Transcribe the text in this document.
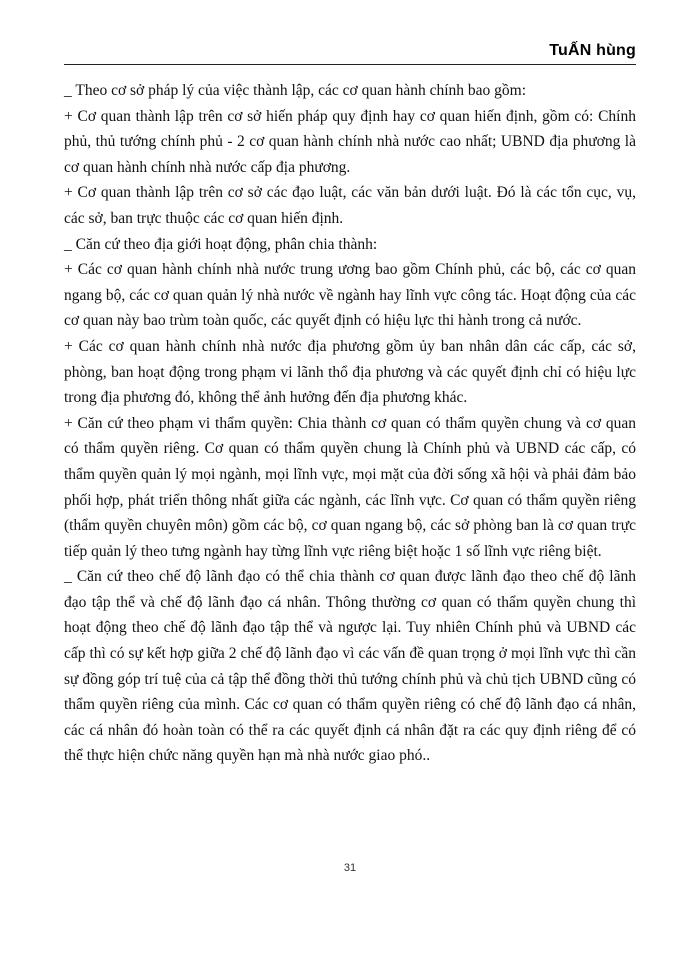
TuẤN hùng

_ Theo cơ sở pháp lý của việc thành lập, các cơ quan hành chính bao gồm:

+ Cơ quan thành lập trên cơ sở hiến pháp quy định hay cơ quan hiến định, gồm có: Chính phủ, thủ tướng chính phủ - 2 cơ quan hành chính nhà nước cao nhất; UBND địa phương là cơ quan hành chính nhà nước cấp địa phương.

+ Cơ quan thành lập trên cơ sở các đạo luật, các văn bản dưới luật. Đó là các tổn cục, vụ, các sở, ban trực thuộc các cơ quan hiến định.

_ Căn cứ theo địa giới hoạt động, phân chia thành:

+ Các cơ quan hành chính nhà nước trung ương bao gồm Chính phủ, các bộ, các cơ quan ngang bộ, các cơ quan quản lý nhà nước về ngành hay lĩnh vực công tác. Hoạt động của các cơ quan này bao trùm toàn quốc, các quyết định có hiệu lực thi hành trong cả nước.

+ Các cơ quan hành chính nhà nước địa phương gồm ủy ban nhân dân các cấp, các sở, phòng, ban hoạt động trong phạm vi lãnh thổ địa phương và các quyết định chỉ có hiệu lực trong địa phương đó, không thể ảnh hưởng đến địa phương khác.

+ Căn cứ theo phạm vi thẩm quyền: Chia thành cơ quan có thẩm quyền chung và cơ quan có thẩm quyền riêng. Cơ quan có thẩm quyền chung là Chính phủ và UBND các cấp, có thẩm quyền quản lý mọi ngành, mọi lĩnh vực, mọi mặt của đời sống xã hội và phải đảm bảo phối hợp, phát triển thông nhất giữa các ngành, các lĩnh vực. Cơ quan có thẩm quyền riêng (thẩm quyền chuyên môn) gồm các bộ, cơ quan ngang bộ, các sở phòng ban là cơ quan trực tiếp quản lý theo tưng ngành hay từng lĩnh vực riêng biệt hoặc 1 số lĩnh vực riêng biệt.

_ Căn cứ theo chế độ lãnh đạo có thể chia thành cơ quan được lãnh đạo theo chế độ lãnh đạo tập thể và chế độ lãnh đạo cá nhân. Thông thường cơ quan có thẩm quyền chung thì hoạt động theo chế độ lãnh đạo tập thể và ngược lại. Tuy nhiên Chính phủ và UBND các cấp thì có sự kết hợp giữa 2 chế độ lãnh đạo vì các vấn đề quan trọng ở mọi lĩnh vực thì cần sự đồng góp trí tuệ của cả tập thể đồng thời thủ tướng chính phủ và chủ tịch UBND cũng có thẩm quyền riêng của mình. Các cơ quan có thẩm quyền riêng có chế độ lãnh đạo cá nhân, các cá nhân đó hoàn toàn có thể ra các quyết định cá nhân đặt ra các quy định riêng để có thể thực hiện chức năng quyền hạn mà nhà nước giao phó..

31
